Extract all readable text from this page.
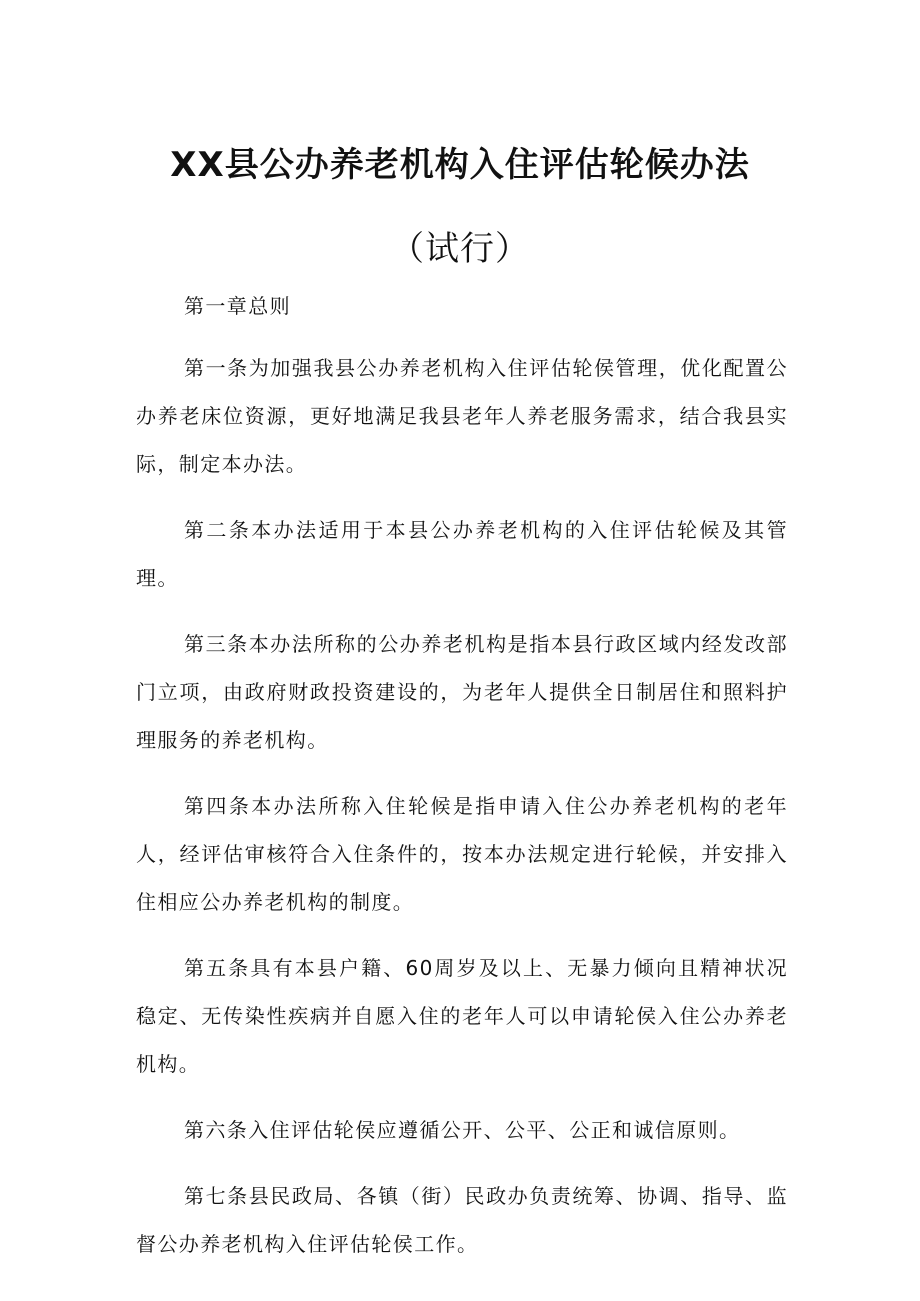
XX县公办养老机构入住评估轮候办法
（试行）

第一章总则

第一条为加强我县公办养老机构入住评估轮侯管理，优化配置公办养老床位资源，更好地满足我县老年人养老服务需求，结合我县实际，制定本办法。

第二条本办法适用于本县公办养老机构的入住评估轮候及其管理。

第三条本办法所称的公办养老机构是指本县行政区域内经发改部门立项，由政府财政投资建设的，为老年人提供全日制居住和照料护理服务的养老机构。

第四条本办法所称入住轮候是指申请入住公办养老机构的老年人，经评估审核符合入住条件的，按本办法规定进行轮候，并安排入住相应公办养老机构的制度。

第五条具有本县户籍、60周岁及以上、无暴力倾向且精神状况稳定、无传染性疾病并自愿入住的老年人可以申请轮侯入住公办养老机构。

第六条入住评估轮侯应遵循公开、公平、公正和诚信原则。

第七条县民政局、各镇（街）民政办负责统筹、协调、指导、监督公办养老机构入住评估轮侯工作。
